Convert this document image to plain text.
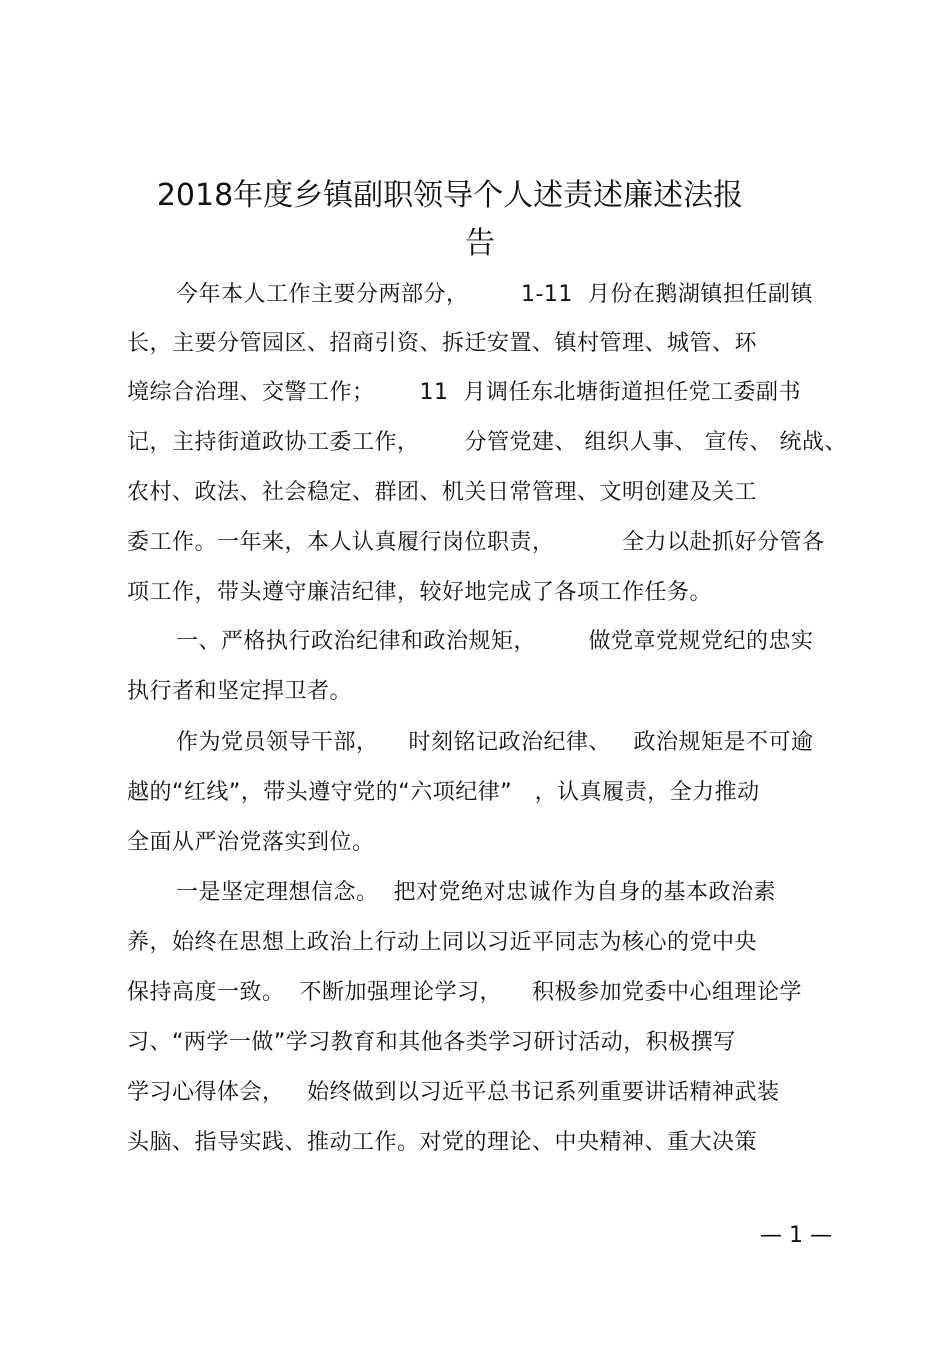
2018年度乡镇副职领导个人述责述廉述法报
告
今年本人工作主要分两部分，       1-11  月份在鹅湖镇担任副镇
长，主要分管园区、招商引资、拆迁安置、镇村管理、城管、环
境综合治理、交警工作；      11  月调任东北塘街道担任党工委副书
记，主持街道政协工委工作，      分管党建、 组织人事、 宣传、 统战、
农村、政法、社会稳定、群团、机关日常管理、文明创建及关工
委工作。一年来，本人认真履行岗位职责，         全力以赴抓好分管各
项工作，带头遵守廉洁纪律，较好地完成了各项工作任务。
一、严格执行政治纪律和政治规矩，       做党章党规党纪的忠实
执行者和坚定捍卫者。
作为党员领导干部，    时刻铭记政治纪律、   政治规矩是不可逾
越的“红线”，带头遵守党的“六项纪律”   ，认真履责，全力推动
全面从严治党落实到位。
一是坚定理想信念。  把对党绝对忠诚作为自身的基本政治素
养，始终在思想上政治上行动上同以习近平同志为核心的党中央
保持高度一致。  不断加强理论学习，    积极参加党委中心组理论学
习、“两学一做”学习教育和其他各类学习研讨活动，积极撰写
学习心得体会，   始终做到以习近平总书记系列重要讲话精神武装
头脑、指导实践、推动工作。对党的理论、中央精神、重大决策
— 1 —
